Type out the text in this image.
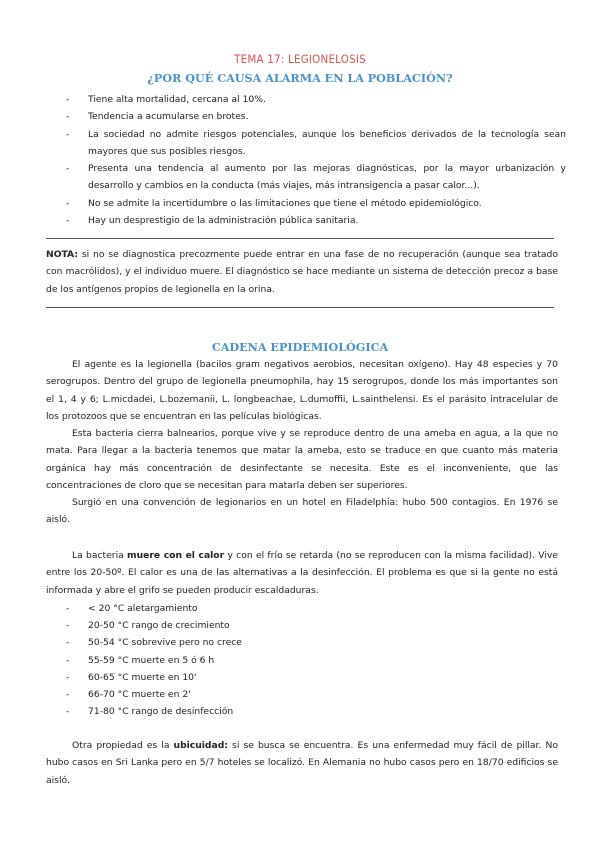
TEMA 17: LEGIONELOSIS
¿POR QUÉ CAUSA ALARMA EN LA POBLACIÓN?
- Tiene alta mortalidad, cercana al 10%.
- Tendencia a acumularse en brotes.
- La sociedad no admite riesgos potenciales, aunque los beneficios derivados de la tecnología sean mayores que sus posibles riesgos.
- Presenta una tendencia al aumento por las mejoras diagnósticas, por la mayor urbanización y desarrollo y cambios en la conducta (más viajes, más intransigencia a pasar calor...).
- No se admite la incertidumbre o las limitaciones que tiene el método epidemiológico.
- Hay un desprestigio de la administración pública sanitaria.

NOTA: si no se diagnostica precozmente puede entrar en una fase de no recuperación (aunque sea tratado con macrólidos), y el individuo muere. El diagnóstico se hace mediante un sistema de detección precoz a base de los antígenos propios de legionella en la orina.

CADENA EPIDEMIOLÓGICA

El agente es la legionella (bacilos gram negativos aerobios, necesitan oxígeno). Hay 48 especies y 70 serogrupos. Dentro del grupo de legionella pneumophila, hay 15 serogrupos, donde los más importantes son el 1, 4 y 6; L.micdadei, L.bozemanii, L. longbeachae, L.dumoffii, L.sainthelensi. Es el parásito intracelular de los protozoos que se encuentran en las películas biológicas.

Esta bacteria cierra balnearios, porque vive y se reproduce dentro de una ameba en agua, a la que no mata. Para llegar a la bacteria tenemos que matar la ameba, esto se traduce en que cuanto más materia orgánica hay más concentración de desinfectante se necesita. Este es el inconveniente, que las concentraciones de cloro que se necesitan para matarla deben ser superiores.

Surgió en una convención de legionarios en un hotel en Filadelphia: hubo 500 contagios. En 1976 se aisló.

La bacteria muere con el calor y con el frío se retarda (no se reproducen con la misma facilidad). Vive entre los 20-50º. El calor es una de las alternativas a la desinfección. El problema es que si la gente no está informada y abre el grifo se pueden producir escaldaduras.

- < 20 °C aletargamiento
- 20-50 °C rango de crecimiento
- 50-54 °C sobrevive pero no crece
- 55-59 °C muerte en 5 ó 6 h
- 60-65 °C muerte en 10'
- 66-70 °C muerte en 2'
- 71-80 °C rango de desinfección

Otra propiedad es la ubicuidad: si se busca se encuentra. Es una enfermedad muy fácil de pillar. No hubo casos en Sri Lanka pero en 5/7 hoteles se localizó. En Alemania no hubo casos pero en 18/70 edificios se aisló.
